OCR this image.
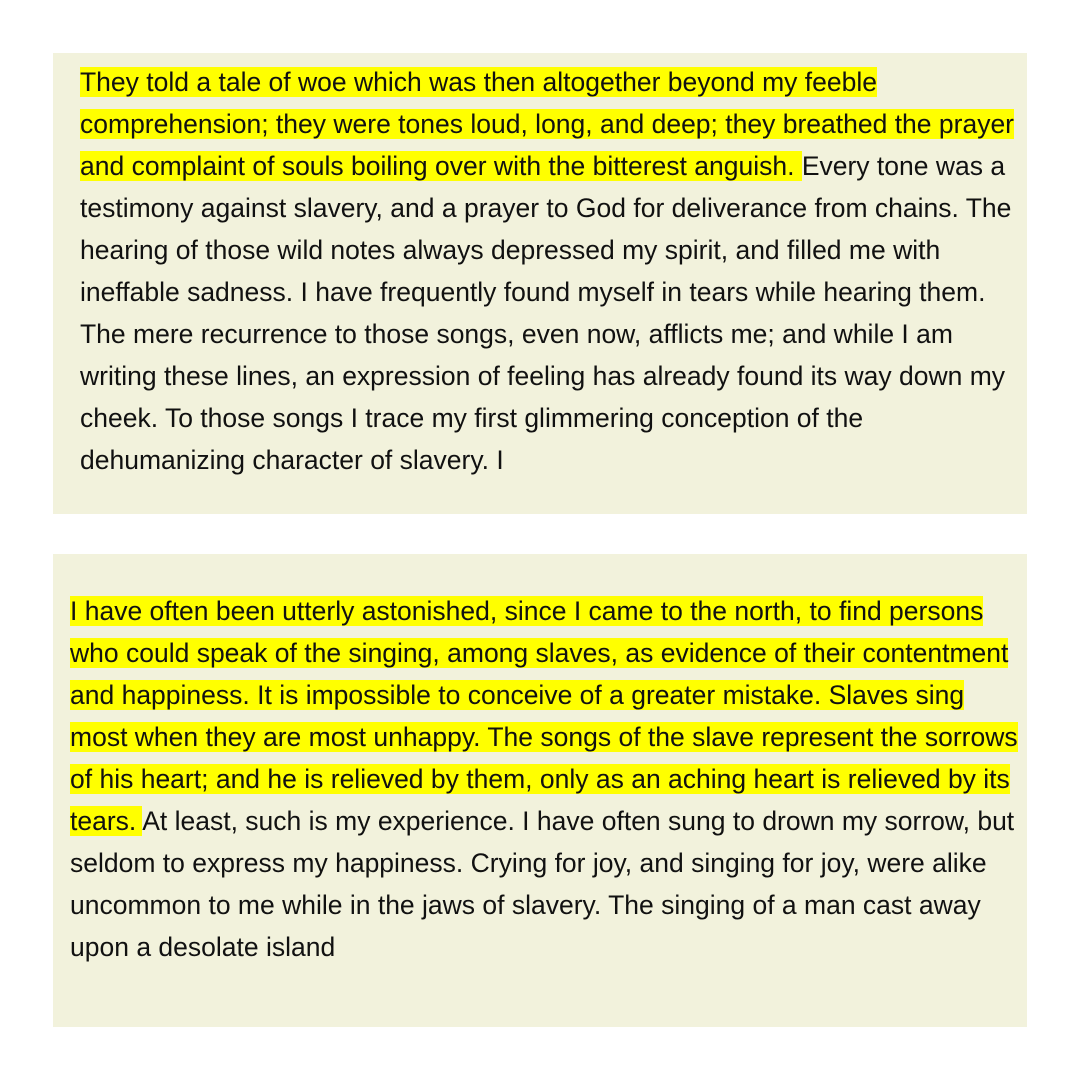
They told a tale of woe which was then altogether beyond my feeble comprehension; they were tones loud, long, and deep; they breathed the prayer and complaint of souls boiling over with the bitterest anguish. Every tone was a testimony against slavery, and a prayer to God for deliverance from chains. The hearing of those wild notes always depressed my spirit, and filled me with ineffable sadness. I have frequently found myself in tears while hearing them. The mere recurrence to those songs, even now, afflicts me; and while I am writing these lines, an expression of feeling has already found its way down my cheek. To those songs I trace my first glimmering conception of the dehumanizing character of slavery. I

I have often been utterly astonished, since I came to the north, to find persons who could speak of the singing, among slaves, as evidence of their contentment and happiness. It is impossible to conceive of a greater mistake. Slaves sing most when they are most unhappy. The songs of the slave represent the sorrows of his heart; and he is relieved by them, only as an aching heart is relieved by its tears. At least, such is my experience. I have often sung to drown my sorrow, but seldom to express my happiness. Crying for joy, and singing for joy, were alike uncommon to me while in the jaws of slavery. The singing of a man cast away upon a desolate island
